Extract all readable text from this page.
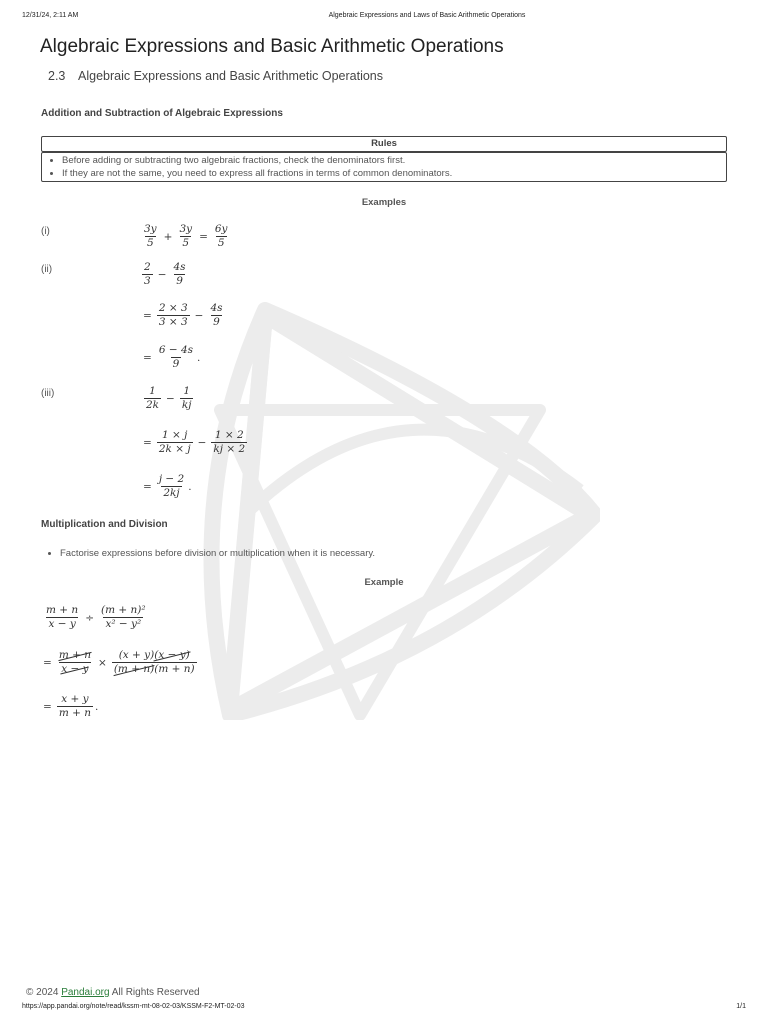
12/31/24, 2:11 AM	Algebraic Expressions and Laws of Basic Arithmetic Operations
Algebraic Expressions and Basic Arithmetic Operations
2.3 Algebraic Expressions and Basic Arithmetic Operations
Addition and Subtraction of Algebraic Expressions
Rules
• Before adding or subtracting two algebraic fractions, check the denominators first.
• If they are not the same, you need to express all fractions in terms of common denominators.
Examples
(i)	$\frac{3y}{5} + \frac{3y}{5} = \frac{6y}{5}$
(ii)	$\frac{2}{3} - \frac{4s}{9}$
= $\frac{2 \times 3}{3 \times 3} - \frac{4s}{9}$
= $\frac{6 - 4s}{9}$ .
(iii)	$\frac{1}{2k} - \frac{1}{kj}$
= $\frac{1 \times j}{2k \times j} - \frac{1 \times 2}{kj \times 2}$
= $\frac{j - 2}{2kj}$ .
Multiplication and Division
• Factorise expressions before division or multiplication when it is necessary.
Example
$\frac{m + n}{x - y} \div \frac{\text{(m + n)²}}{\text{x² − y²}}$
= $\frac{m + n}{x - y} \times \frac{(x + y)(x - y)}{(m + n)(m + n)}$
= $\frac{x + y}{m + n}$ .
© 2024 Pandai.org All Rights Reserved
https://app.pandai.org/note/read/kssm-mt-08-02-03/KSSM-F2-MT-02-03	1/1
